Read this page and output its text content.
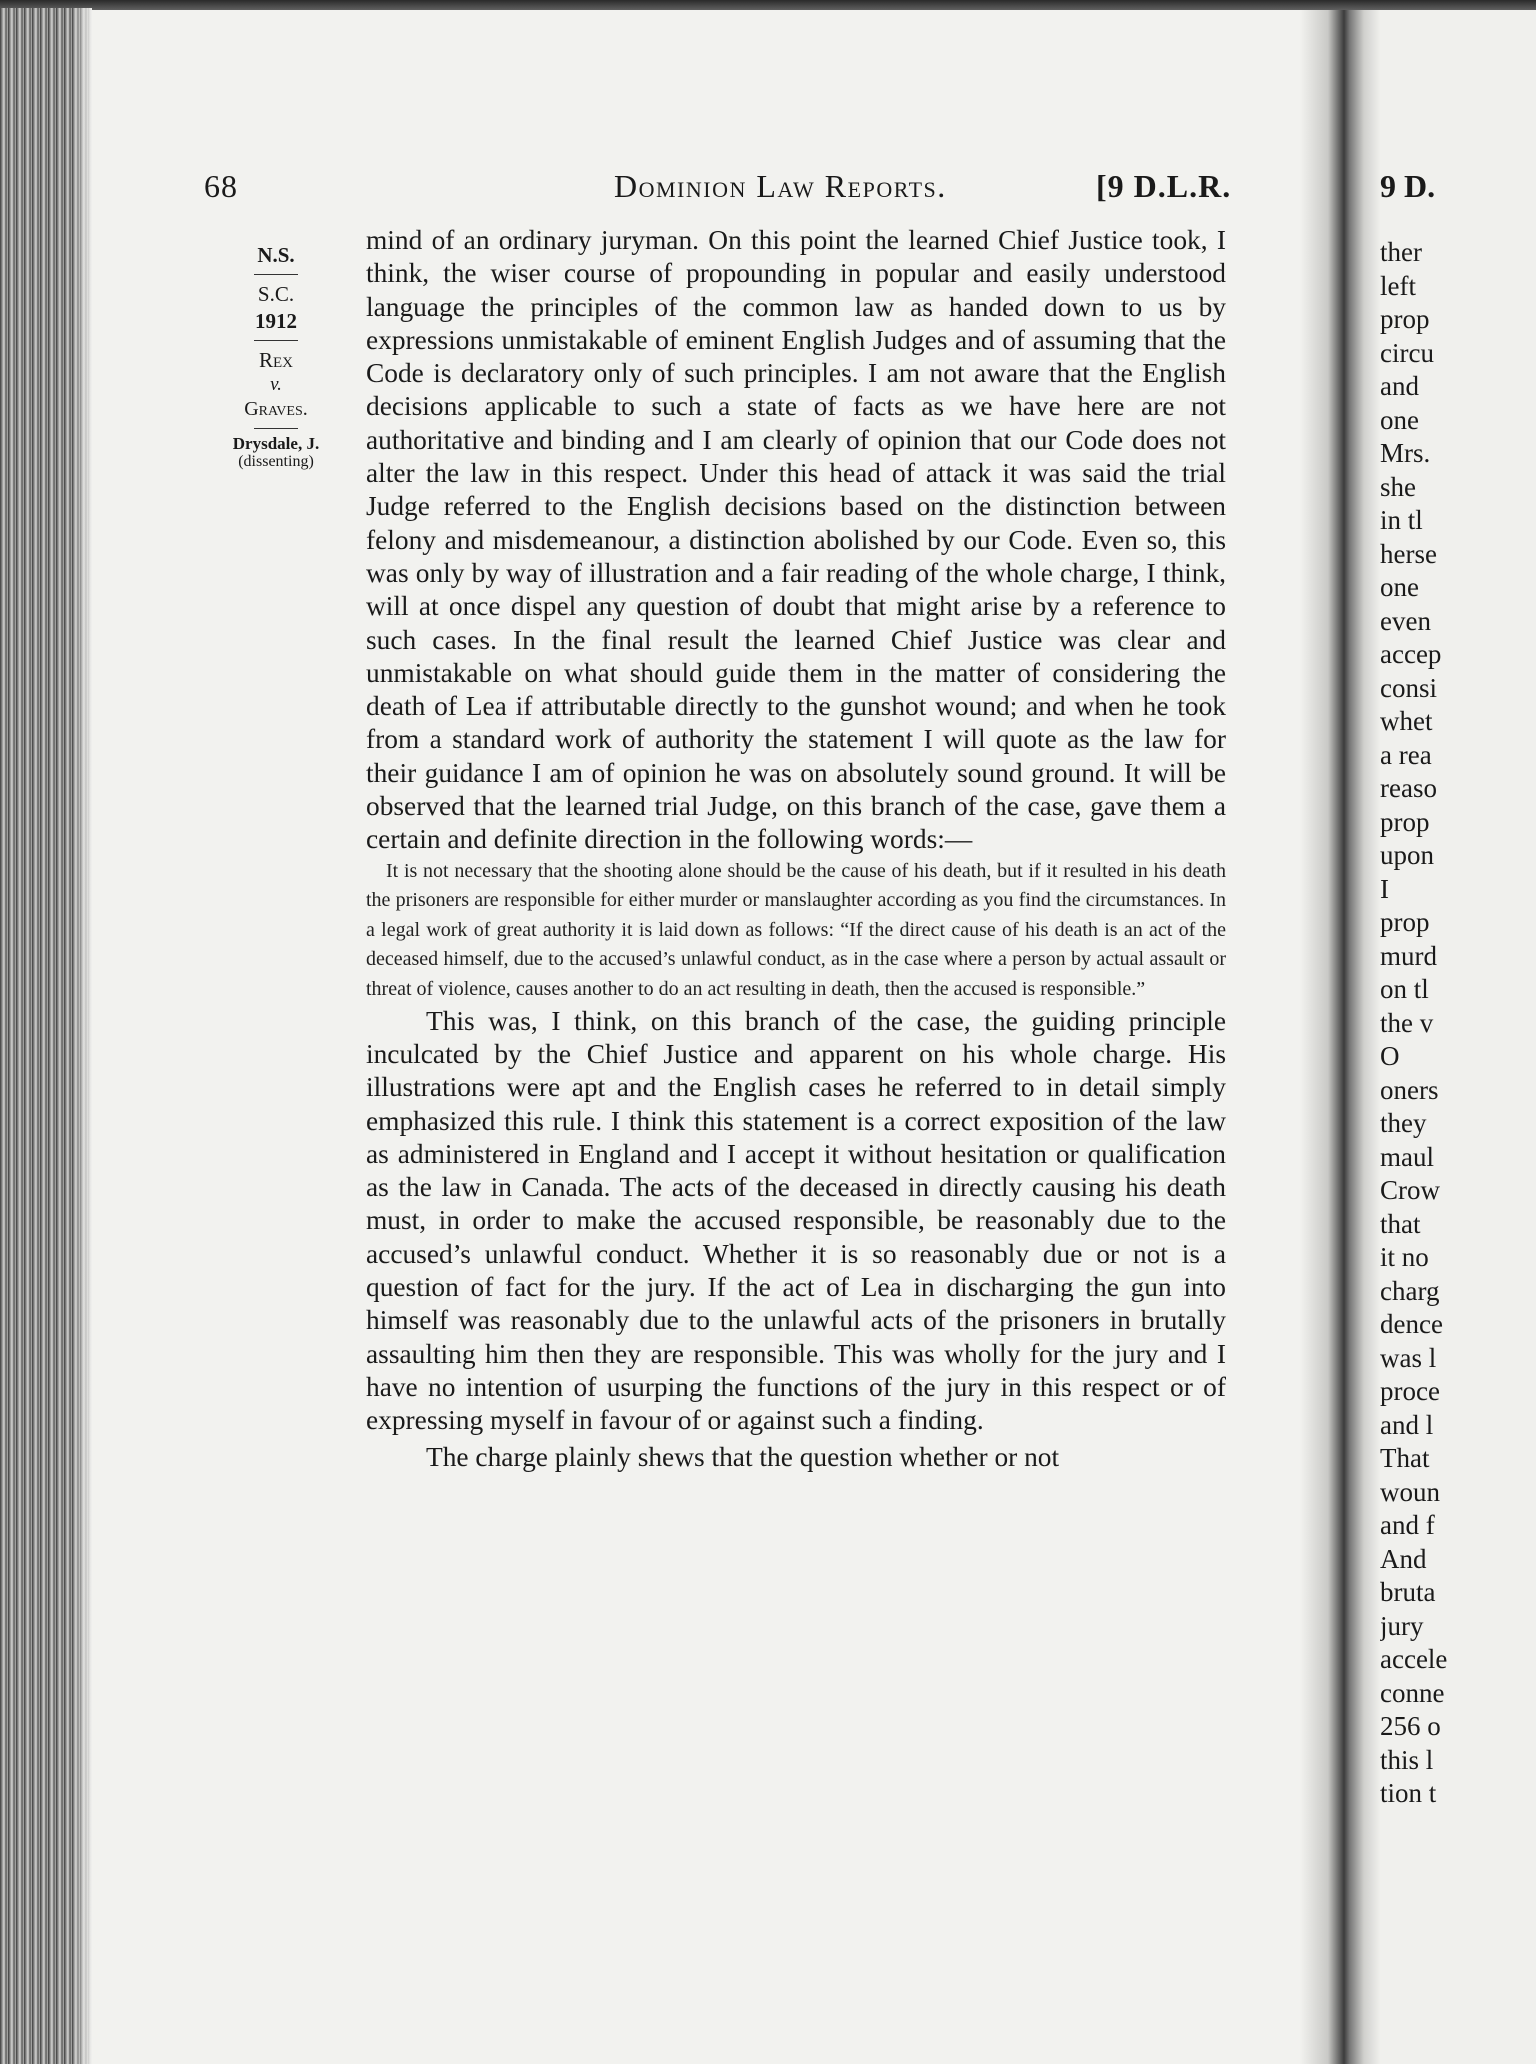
9 D.
ther
left
prop
circu
and
one
Mrs.
she
in tl
herse
one
even
accep
consi
whet
a rea
reaso
prop
upon
I
prop
murd
on tl
the v
O
oners
they
maul
Crow
that
it no
charg
dence
was l
proce
and l
That
woun
and f
And
bruta
jury
accele
conne
256 o
this l
tion t
68	Dominion Law Reports.	[9 D.L.R.
N.S.
S.C.
1912
Rex
v.
Graves.
Drysdale, J.
(dissenting)

mind of an ordinary juryman. On this point the learned Chief Justice took, I think, the wiser course of propounding in popular and easily understood language the principles of the common law as handed down to us by expressions unmistakable of eminent English Judges and of assuming that the Code is declaratory only of such principles. I am not aware that the English decisions applicable to such a state of facts as we have here are not authoritative and binding and I am clearly of opinion that our Code does not alter the law in this respect. Under this head of attack it was said the trial Judge referred to the English decisions based on the distinction between felony and misdemeanour, a distinction abolished by our Code. Even so, this was only by way of illustration and a fair reading of the whole charge, I think, will at once dispel any question of doubt that might arise by a reference to such cases. In the final result the learned Chief Justice was clear and unmistakable on what should guide them in the matter of considering the death of Lea if attributable directly to the gunshot wound; and when he took from a standard work of authority the statement I will quote as the law for their guidance I am of opinion he was on absolutely sound ground. It will be observed that the learned trial Judge, on this branch of the case, gave them a certain and definite direction in the following words:—

It is not necessary that the shooting alone should be the cause of his death, but if it resulted in his death the prisoners are responsible for either murder or manslaughter according as you find the circumstances. In a legal work of great authority it is laid down as follows: “If the direct cause of his death is an act of the deceased himself, due to the accused’s unlawful conduct, as in the case where a person by actual assault or threat of violence, causes another to do an act resulting in death, then the accused is responsible.”

This was, I think, on this branch of the case, the guiding principle inculcated by the Chief Justice and apparent on his whole charge. His illustrations were apt and the English cases he referred to in detail simply emphasized this rule. I think this statement is a correct exposition of the law as administered in England and I accept it without hesitation or qualification as the law in Canada. The acts of the deceased in directly causing his death must, in order to make the accused responsible, be reasonably due to the accused’s unlawful conduct. Whether it is so reasonably due or not is a question of fact for the jury. If the act of Lea in discharging the gun into himself was reasonably due to the unlawful acts of the prisoners in brutally assaulting him then they are responsible. This was wholly for the jury and I have no intention of usurping the functions of the jury in this respect or of expressing myself in favour of or against such a finding.

The charge plainly shews that the question whether or not
